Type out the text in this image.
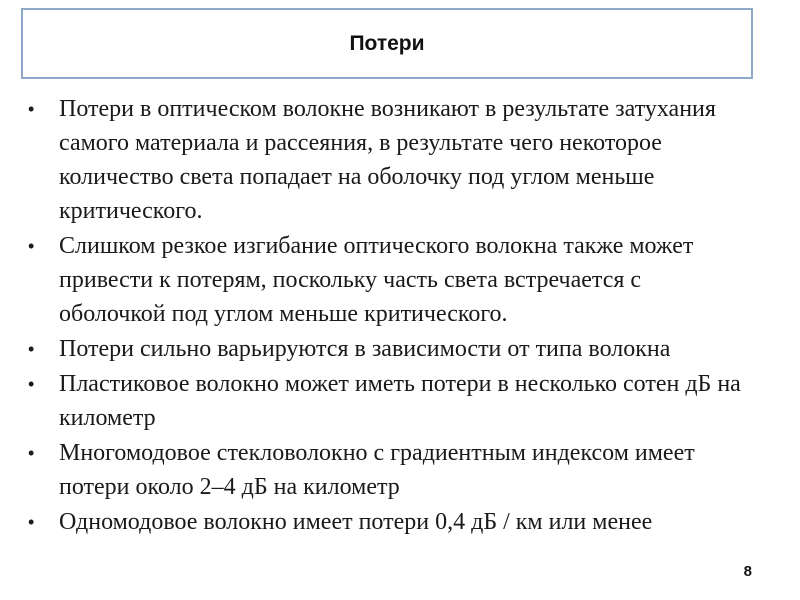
Потери
• Потери в оптическом волокне возникают в результате затухания самого материала и рассеяния, в результате чего некоторое количество света попадает на оболочку под углом меньше критического.
• Слишком резкое изгибание оптического волокна также может привести к потерям, поскольку часть света встречается с оболочкой под углом меньше критического.
• Потери сильно варьируются в зависимости от типа волокна
• Пластиковое волокно может иметь потери в несколько сотен дБ на километр
• Многомодовое стекловолокно с градиентным индексом имеет потери около 2–4 дБ на километр
• Одномодовое волокно имеет потери 0,4 дБ / км или менее
8
